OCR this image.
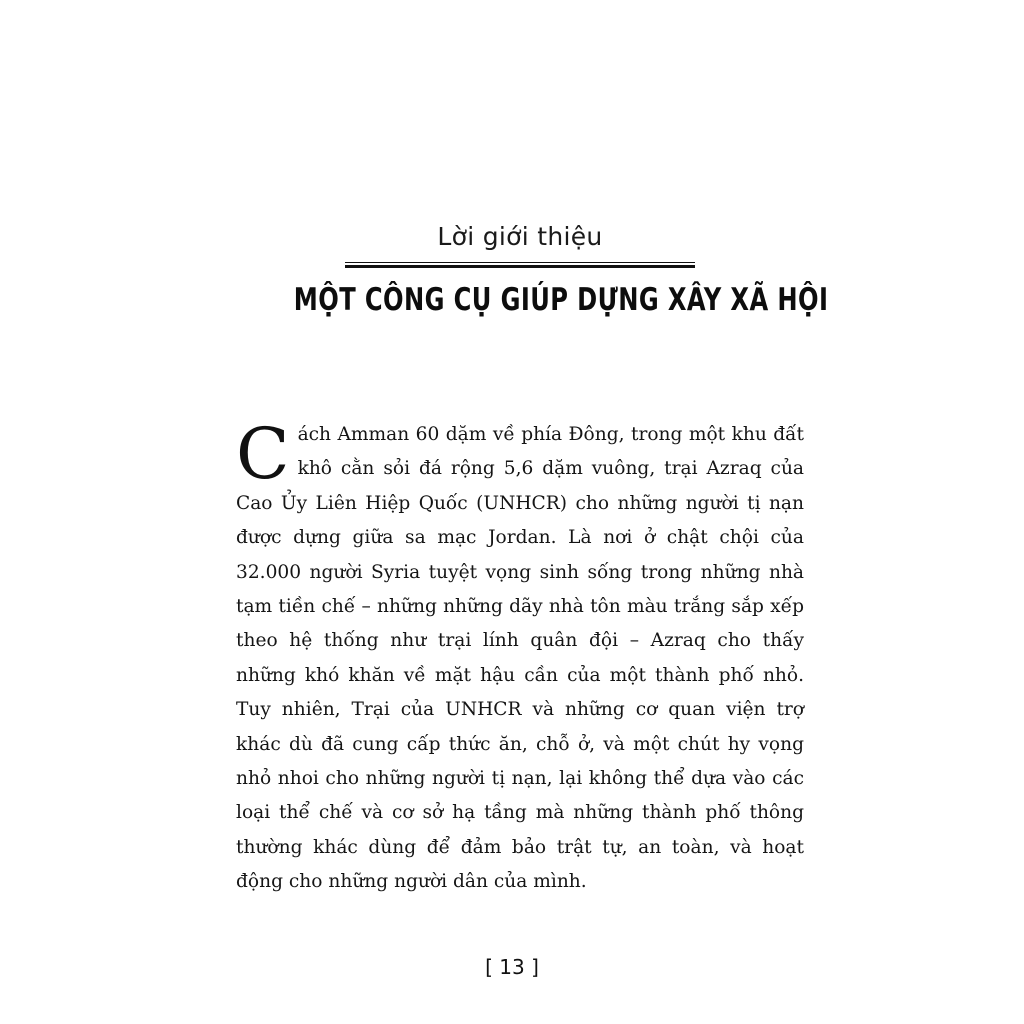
Lời giới thiệu
MỘT CÔNG CỤ GIÚP DỰNG XÂY XÃ HỘI
Cách Amman 60 dặm về phía Đông, trong một khu đất khô cằn sỏi đá rộng 5,6 dặm vuông, trại Azraq của Cao Ủy Liên Hiệp Quốc (UNHCR) cho những người tị nạn được dựng giữa sa mạc Jordan. Là nơi ở chật chội của 32.000 người Syria tuyệt vọng sinh sống trong những nhà tạm tiền chế – những những dãy nhà tôn màu trắng sắp xếp theo hệ thống như trại lính quân đội – Azraq cho thấy những khó khăn về mặt hậu cần của một thành phố nhỏ. Tuy nhiên, Trại của UNHCR và những cơ quan viện trợ khác dù đã cung cấp thức ăn, chỗ ở, và một chút hy vọng nhỏ nhoi cho những người tị nạn, lại không thể dựa vào các loại thể chế và cơ sở hạ tầng mà những thành phố thông thường khác dùng để đảm bảo trật tự, an toàn, và hoạt động cho những người dân của mình.
[ 13 ]
